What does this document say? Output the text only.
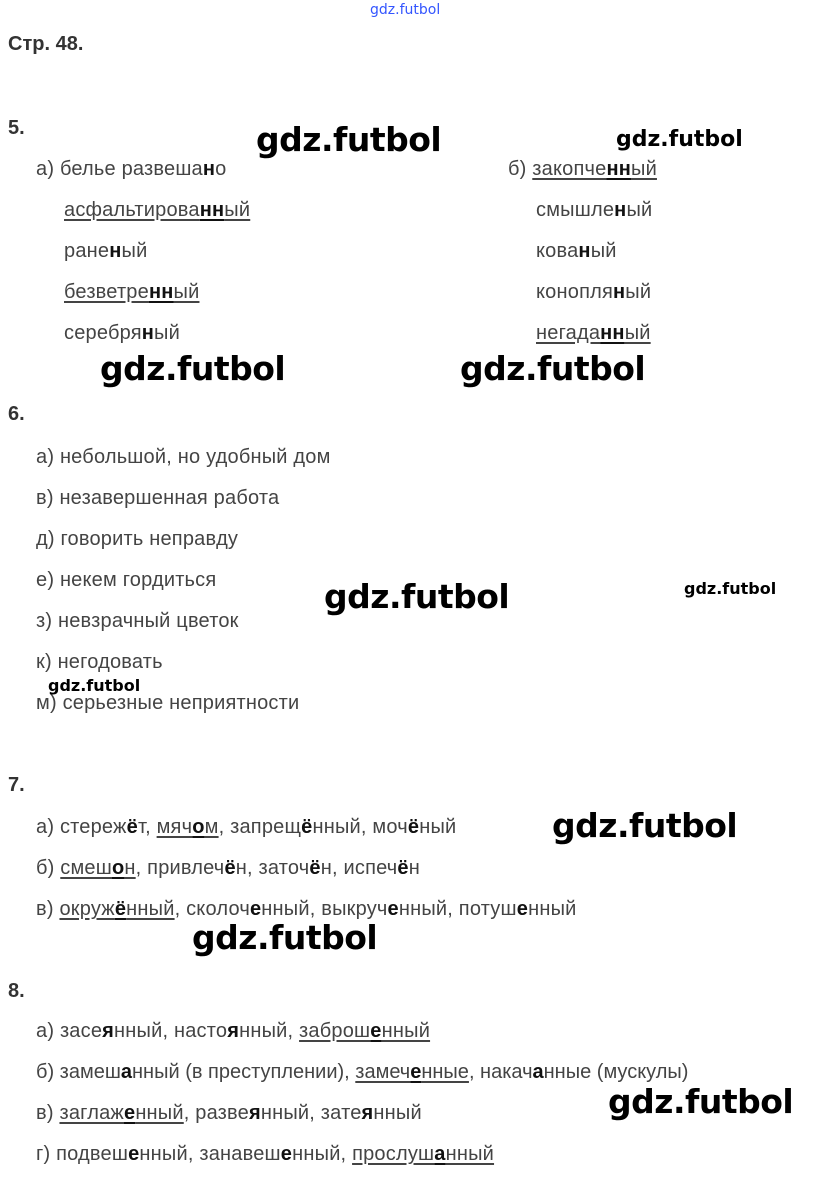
gdz.futbol
Стр. 48.
5.
а) белье развешано
асфальтированный
раненый
безветренный
серебряный
б) закопченный
смышленый
кованый
конопляный
негаданный
6.
а) небольшой, но удобный дом
в) незавершенная работа
д) говорить неправду
е) некем гордиться
з) невзрачный цветок
к) негодовать
м) серьезные неприятности
7.
а) стережёт, мячом, запрещённый, мочёный
б) смешон, привлечён, заточён, испечён
в) окружённый, сколоченный, выкрученный, потушенный
8.
а) засеянный, настоянный, заброшенный
б) замешанный (в преступлении), замеченные, накачанные (мускулы)
в) заглаженный, развеянный, затеянный
г) подвешенный, занавешенный, прослушанный
gdz.futbol	gdz.futbol
gdz.futbol	gdz.futbol
gdz.futbol	gdz.futbol
gdz.futbol
gdz.futbol
gdz.futbol
gdz.futbol
